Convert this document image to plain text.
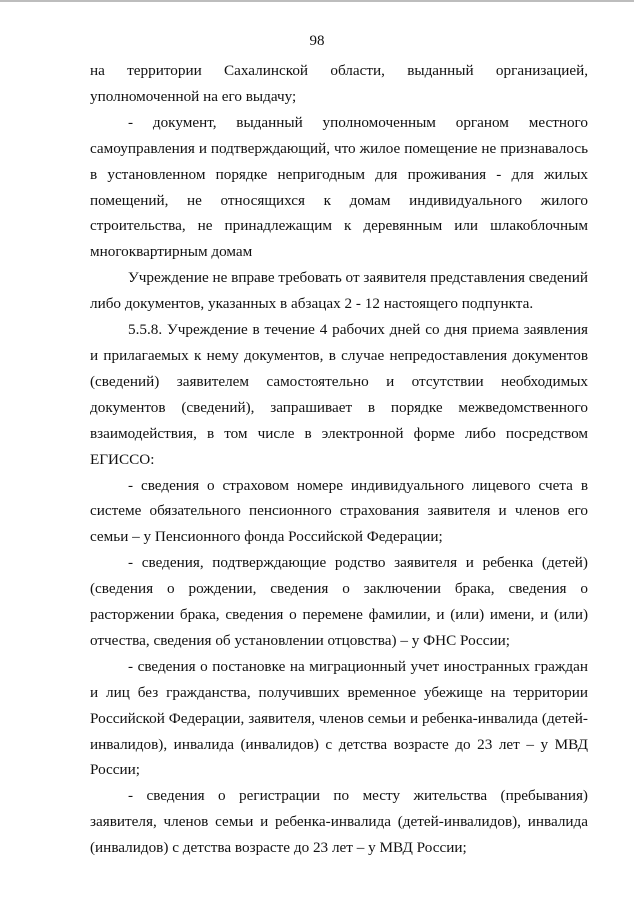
98

на территории Сахалинской области, выданный организацией, уполномоченной на его выдачу;

- документ, выданный уполномоченным органом местного самоуправления и подтверждающий, что жилое помещение не признавалось в установленном порядке непригодным для проживания - для жилых помещений, не относящихся к домам индивидуального жилого строительства, не принадлежащим к деревянным или шлакоблочным многоквартирным домам

Учреждение не вправе требовать от заявителя представления сведений либо документов, указанных в абзацах 2 - 12 настоящего подпункта.

5.5.8. Учреждение в течение 4 рабочих дней со дня приема заявления и прилагаемых к нему документов, в случае непредоставления документов (сведений) заявителем самостоятельно и отсутствии необходимых документов (сведений), запрашивает в порядке межведомственного взаимодействия, в том числе в электронной форме либо посредством ЕГИССО:

- сведения о страховом номере индивидуального лицевого счета в системе обязательного пенсионного страхования заявителя и членов его семьи – у Пенсионного фонда Российской Федерации;

- сведения, подтверждающие родство заявителя и ребенка (детей) (сведения о рождении, сведения о заключении брака, сведения о расторжении брака, сведения о перемене фамилии, и (или) имени, и (или) отчества, сведения об установлении отцовства) – у ФНС России;

- сведения о постановке на миграционный учет иностранных граждан и лиц без гражданства, получивших временное убежище на территории Российской Федерации, заявителя, членов семьи и ребенка-инвалида (детей-инвалидов), инвалида (инвалидов) с детства возрасте до 23 лет – у МВД России;

- сведения о регистрации по месту жительства (пребывания) заявителя, членов семьи и ребенка-инвалида (детей-инвалидов), инвалида (инвалидов) с детства возрасте до 23 лет – у МВД России;
